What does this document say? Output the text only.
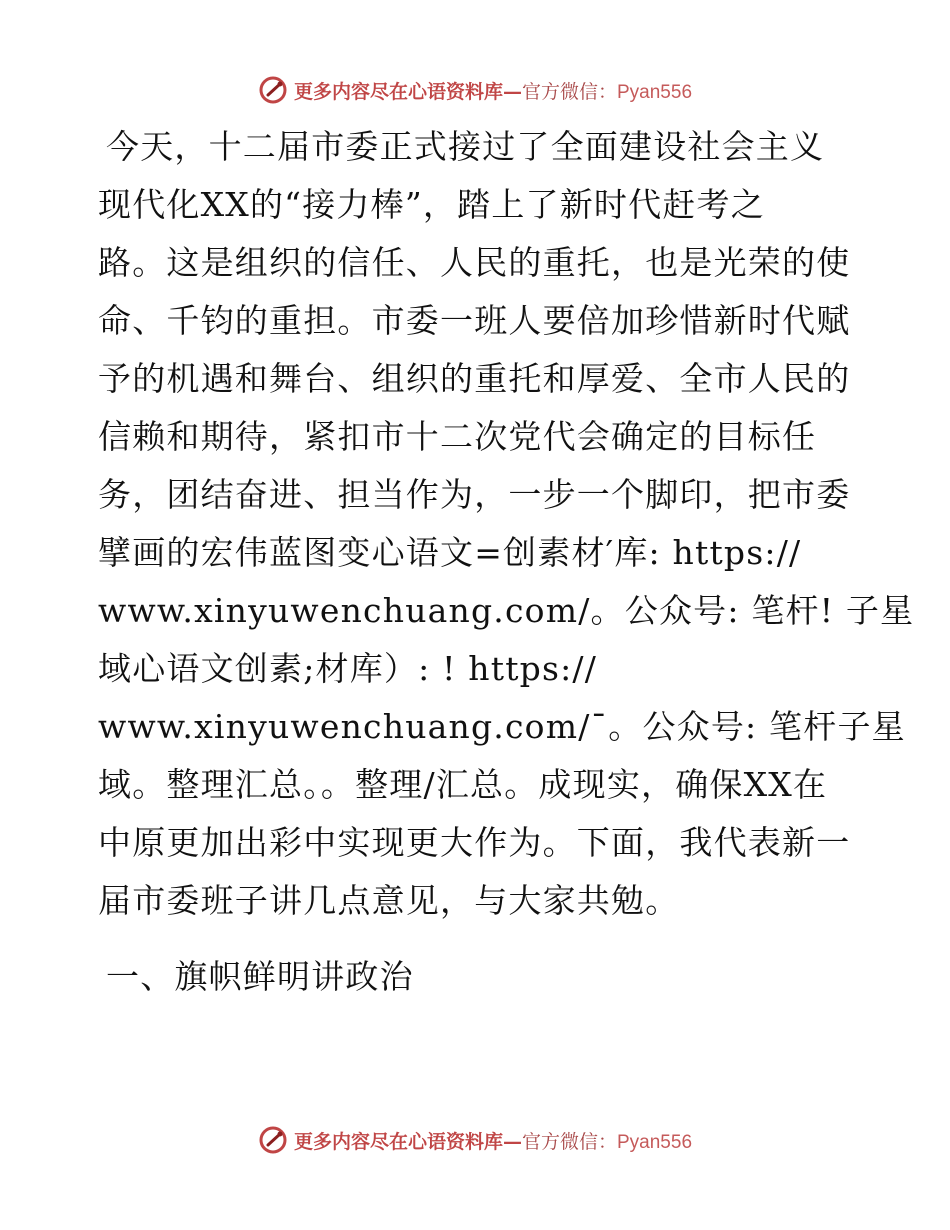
更多内容尽在心语资料库—官方微信：Pyan556
今天，十二届市委正式接过了全面建设社会主义
现代化XX的“接力棒”，踏上了新时代赶考之
路。这是组织的信任、人民的重托，也是光荣的使
命、千钧的重担。市委一班人要倍加珍惜新时代赋
予的机遇和舞台、组织的重托和厚爱、全市人民的
信赖和期待，紧扣市十二次党代会确定的目标任
务，团结奋进、担当作为，一步一个脚印，把市委
擘画的宏伟蓝图变心语文=创素材′库: https://
www.xinyuwenchuang.com/。公众号: 笔杆! 子星
域心语文创素;材库）: ! https://
www.xinyuwenchuang.com/¯。公众号: 笔杆子星
域。整理汇总。。整理/汇总。成现实，确保XX在
中原更加出彩中实现更大作为。下面，我代表新一
届市委班子讲几点意见，与大家共勉。
一、旗帜鲜明讲政治
更多内容尽在心语资料库—官方微信：Pyan556
